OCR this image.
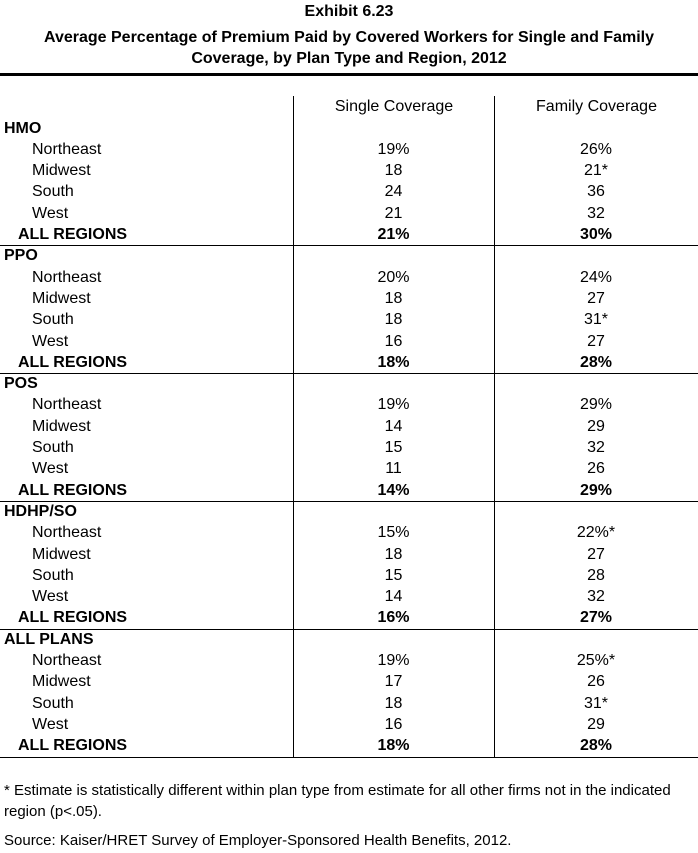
Exhibit 6.23
Average Percentage of Premium Paid by Covered Workers for Single and Family
Coverage, by Plan Type and Region, 2012
Single Coverage	Family Coverage
HMO
Northeast	19%	26%
Midwest	18	21*
South	24	36
West	21	32
ALL REGIONS	21%	30%
PPO
Northeast	20%	24%
Midwest	18	27
South	18	31*
West	16	27
ALL REGIONS	18%	28%
POS
Northeast	19%	29%
Midwest	14	29
South	15	32
West	11	26
ALL REGIONS	14%	29%
HDHP/SO
Northeast	15%	22%*
Midwest	18	27
South	15	28
West	14	32
ALL REGIONS	16%	27%
ALL PLANS
Northeast	19%	25%*
Midwest	17	26
South	18	31*
West	16	29
ALL REGIONS	18%	28%
* Estimate is statistically different within plan type from estimate for all other firms not in the indicated region (p<.05).
Source: Kaiser/HRET Survey of Employer-Sponsored Health Benefits, 2012.
